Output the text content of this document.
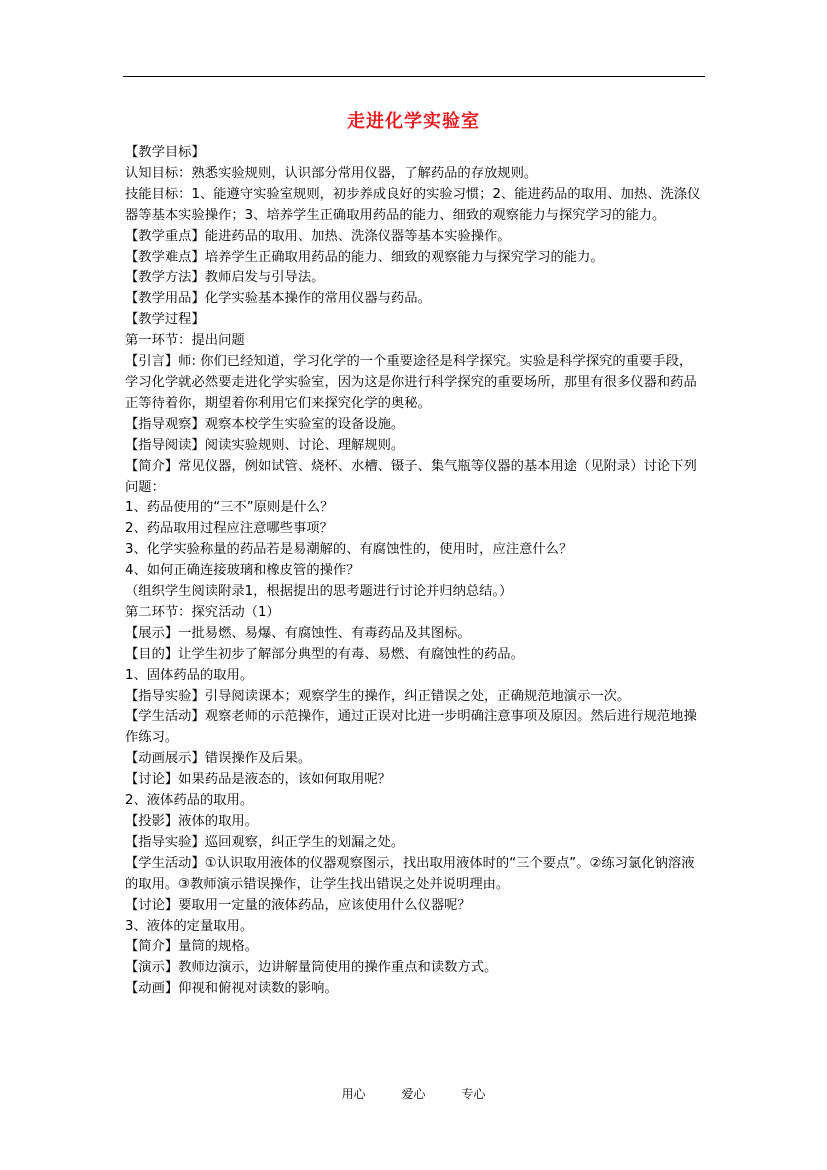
走进化学实验室

【教学目标】

认知目标：熟悉实验规则，认识部分常用仪器，了解药品的存放规则。

技能目标：1、能遵守实验室规则，初步养成良好的实验习惯；2、能进药品的取用、加热、洗涤仪器等基本实验操作；3、培养学生正确取用药品的能力、细致的观察能力与探究学习的能力。

【教学重点】能进药品的取用、加热、洗涤仪器等基本实验操作。

【教学难点】培养学生正确取用药品的能力、细致的观察能力与探究学习的能力。

【教学方法】教师启发与引导法。

【教学用品】化学实验基本操作的常用仪器与药品。

【教学过程】

第一环节：提出问题

【引言】师: 你们已经知道，学习化学的一个重要途径是科学探究。实验是科学探究的重要手段，学习化学就必然要走进化学实验室，因为这是你进行科学探究的重要场所，那里有很多仪器和药品正等待着你，期望着你利用它们来探究化学的奥秘。

【指导观察】观察本校学生实验室的设备设施。

【指导阅读】阅读实验规则、讨论、理解规则。

【简介】常见仪器，例如试管、烧杯、水槽、镊子、集气瓶等仪器的基本用途（见附录）讨论下列问题：

1、药品使用的“三不”原则是什么？

2、药品取用过程应注意哪些事项？

3、化学实验称量的药品若是易潮解的、有腐蚀性的，使用时，应注意什么？

4、如何正确连接玻璃和橡皮管的操作？

（组织学生阅读附录1，根据提出的思考题进行讨论并归纳总结。）

第二环节：探究活动（1）

【展示】一批易燃、易爆、有腐蚀性、有毒药品及其图标。

【目的】让学生初步了解部分典型的有毒、易燃、有腐蚀性的药品。

1、固体药品的取用。

【指导实验】引导阅读课本；观察学生的操作，纠正错误之处，正确规范地演示一次。

【学生活动】观察老师的示范操作，通过正误对比进一步明确注意事项及原因。然后进行规范地操作练习。

【动画展示】错误操作及后果。

【讨论】如果药品是液态的，该如何取用呢？

2、液体药品的取用。

【投影】液体的取用。

【指导实验】巡回观察，纠正学生的划漏之处。

【学生活动】①认识取用液体的仪器观察图示，找出取用液体时的“三个要点”。②练习氯化钠溶液的取用。③教师演示错误操作，让学生找出错误之处并说明理由。

【讨论】要取用一定量的液体药品，应该使用什么仪器呢？

3、液体的定量取用。

【简介】量筒的规格。

【演示】教师边演示，边讲解量筒使用的操作重点和读数方式。

【动画】仰视和俯视对读数的影响。

用心	爱心	专心
